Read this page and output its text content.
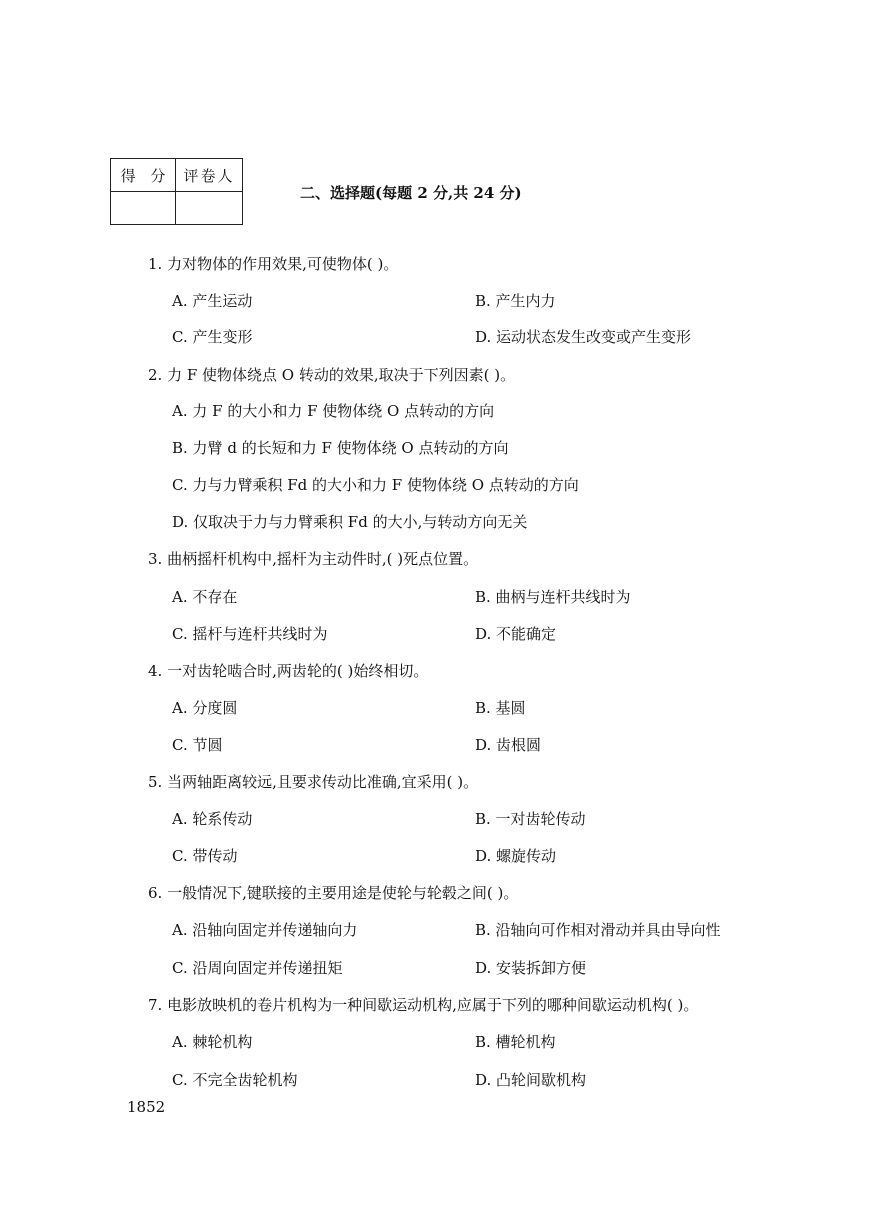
得 分	评卷人

二、选择题(每题 2 分,共 24 分)
1. 力对物体的作用效果,可使物体( )。
A. 产生运动	B. 产生内力
C. 产生变形	D. 运动状态发生改变或产生变形
2. 力 F 使物体绕点 O 转动的效果,取决于下列因素( )。
A. 力 F 的大小和力 F 使物体绕 O 点转动的方向
B. 力臂 d 的长短和力 F 使物体绕 O 点转动的方向
C. 力与力臂乘积 Fd 的大小和力 F 使物体绕 O 点转动的方向
D. 仅取决于力与力臂乘积 Fd 的大小,与转动方向无关
3. 曲柄摇杆机构中,摇杆为主动件时,( )死点位置。
A. 不存在	B. 曲柄与连杆共线时为
C. 摇杆与连杆共线时为	D. 不能确定
4. 一对齿轮啮合时,两齿轮的( )始终相切。
A. 分度圆	B. 基圆
C. 节圆	D. 齿根圆
5. 当两轴距离较远,且要求传动比准确,宜采用( )。
A. 轮系传动	B. 一对齿轮传动
C. 带传动	D. 螺旋传动
6. 一般情况下,键联接的主要用途是使轮与轮毂之间( )。
A. 沿轴向固定并传递轴向力	B. 沿轴向可作相对滑动并具由导向性
C. 沿周向固定并传递扭矩	D. 安装拆卸方便
7. 电影放映机的卷片机构为一种间歇运动机构,应属于下列的哪种间歇运动机构( )。
A. 棘轮机构	B. 槽轮机构
C. 不完全齿轮机构	D. 凸轮间歇机构
1852
